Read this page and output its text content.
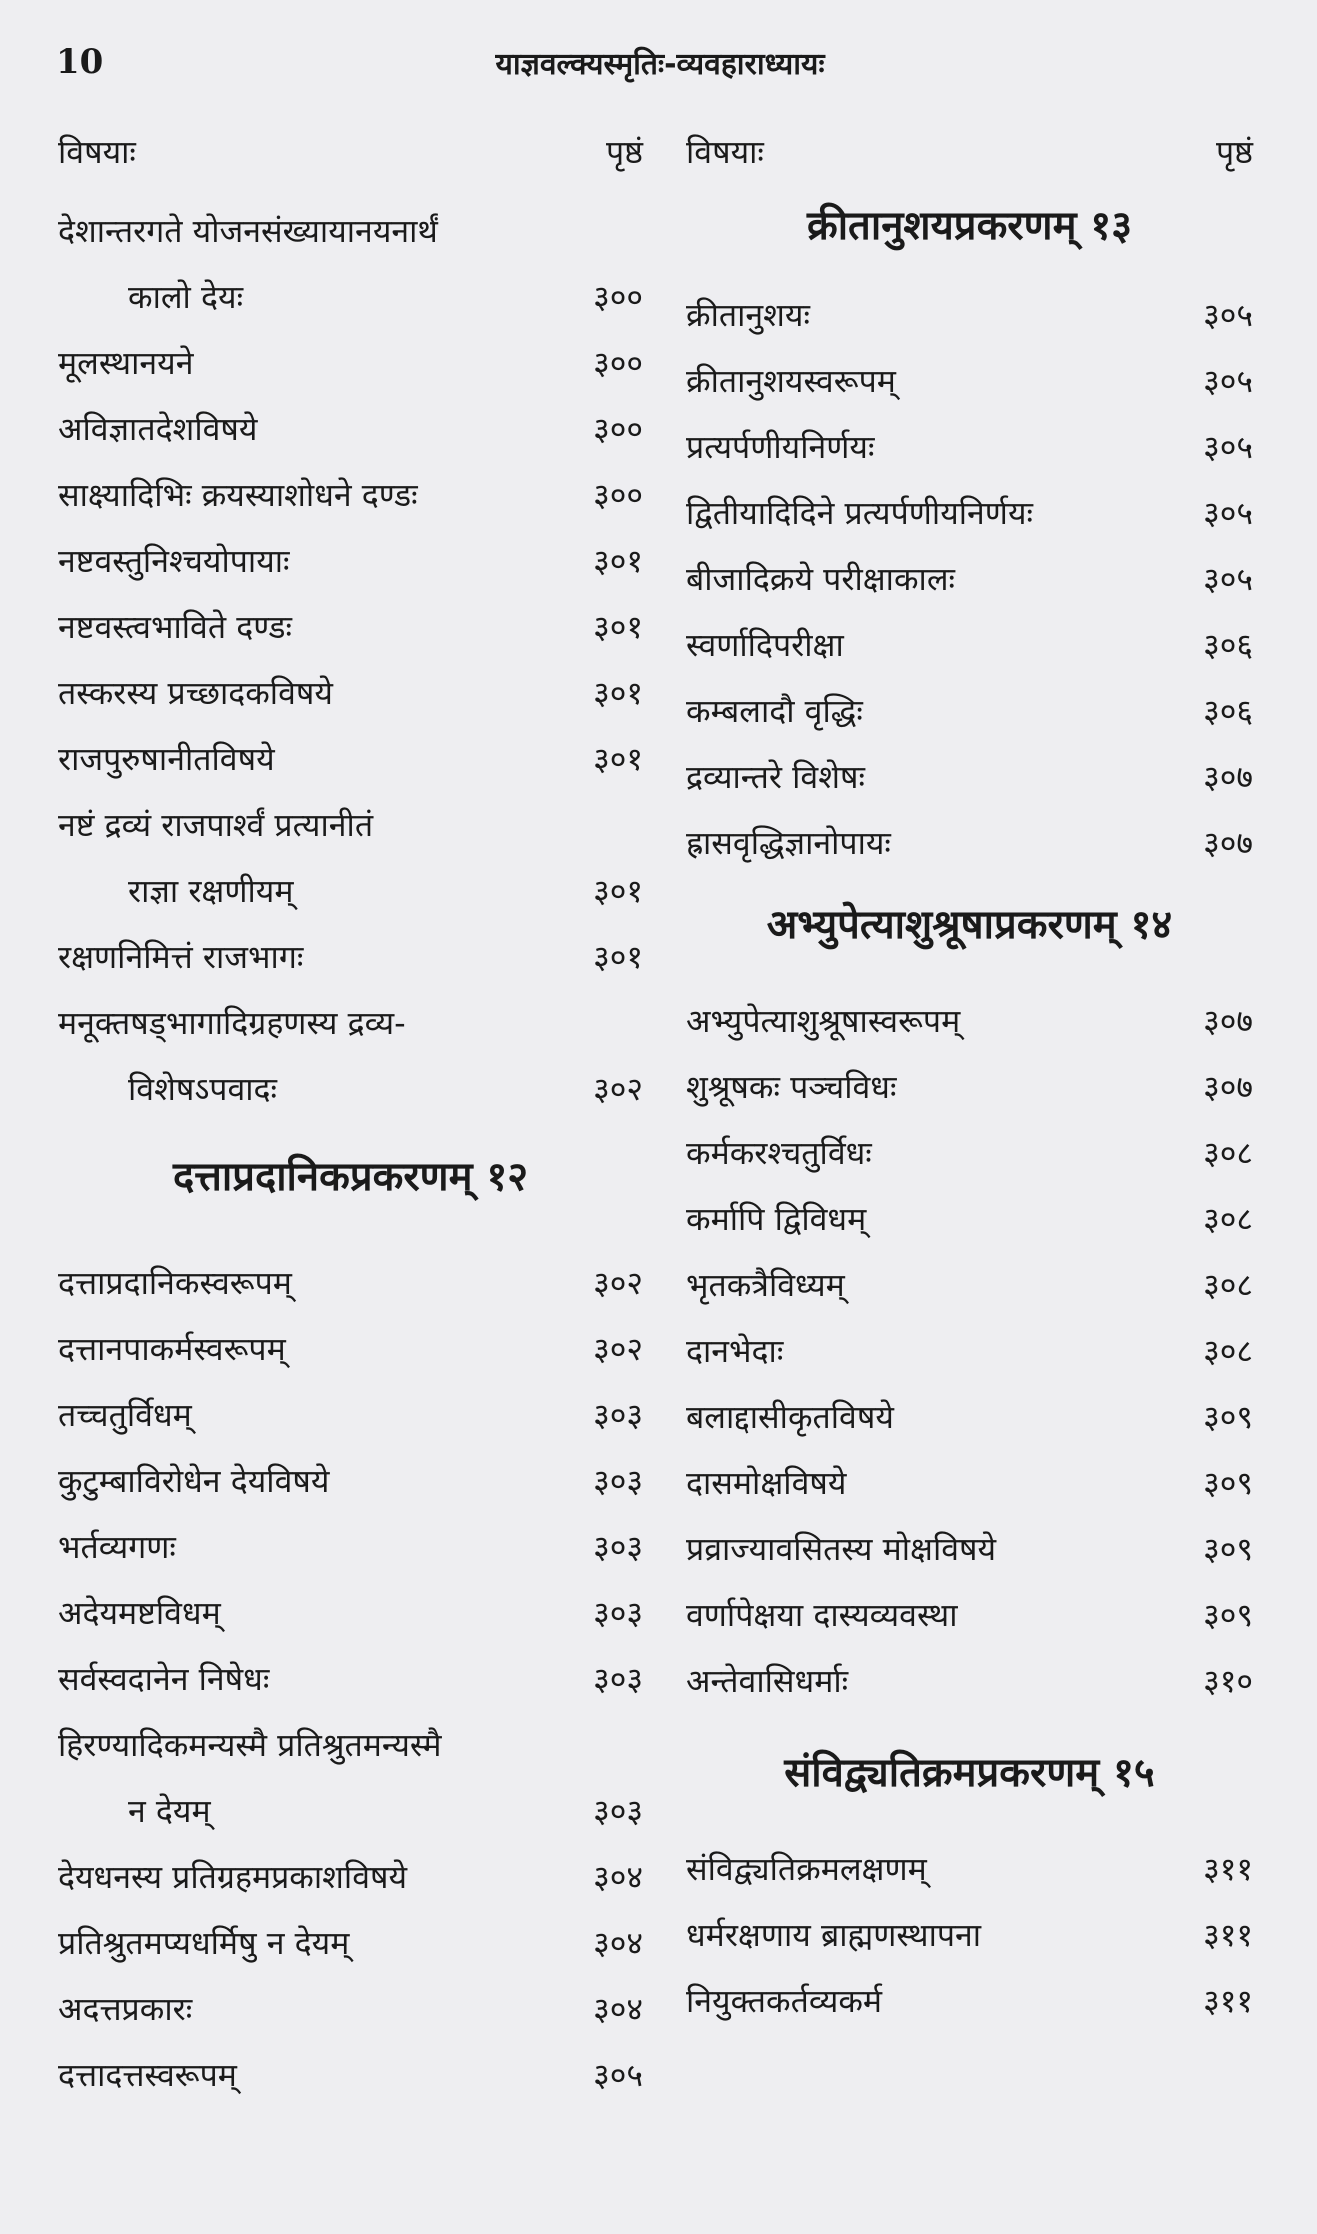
10	याज्ञवल्क्यस्मृतिः-व्यवहाराध्यायः
विषयाः	पृष्ठं
देशान्तरगते योजनसंख्यायानयनार्थं
कालो देयः	३००
मूलस्थानयने	३००
अविज्ञातदेशविषये	३००
साक्ष्यादिभिः क्रयस्याशोधने दण्डः	३००
नष्टवस्तुनिश्चयोपायाः	३०१
नष्टवस्त्वभाविते दण्डः	३०१
तस्करस्य प्रच्छादकविषये	३०१
राजपुरुषानीतविषये	३०१
नष्टं द्रव्यं राजपार्श्वं प्रत्यानीतं
राज्ञा रक्षणीयम्	३०१
रक्षणनिमित्तं राजभागः	३०१
मनूक्तषड्भागादिग्रहणस्य द्रव्य-
विशेषऽपवादः	३०२
दत्ताप्रदानिकप्रकरणम् १२
दत्ताप्रदानिकस्वरूपम्	३०२
दत्तानपाकर्मस्वरूपम्	३०२
तच्चतुर्विधम्	३०३
कुटुम्बाविरोधेन देयविषये	३०३
भर्तव्यगणः	३०३
अदेयमष्टविधम्	३०३
सर्वस्वदानेन निषेधः	३०३
हिरण्यादिकमन्यस्मै प्रतिश्रुतमन्यस्मै
न देयम्	३०३
देयधनस्य प्रतिग्रहमप्रकाशविषये	३०४
प्रतिश्रुतमप्यधर्मिषु न देयम्	३०४
अदत्तप्रकारः	३०४
दत्तादत्तस्वरूपम्	३०५
विषयाः	पृष्ठं
क्रीतानुशयप्रकरणम् १३
क्रीतानुशयः	३०५
क्रीतानुशयस्वरूपम्	३०५
प्रत्यर्पणीयनिर्णयः	३०५
द्वितीयादिदिने प्रत्यर्पणीयनिर्णयः	३०५
बीजादिक्रये परीक्षाकालः	३०५
स्वर्णादिपरीक्षा	३०६
कम्बलादौ वृद्धिः	३०६
द्रव्यान्तरे विशेषः	३०७
ह्रासवृद्धिज्ञानोपायः	३०७
अभ्युपेत्याशुश्रूषाप्रकरणम् १४
अभ्युपेत्याशुश्रूषास्वरूपम्	३०७
शुश्रूषकः पञ्चविधः	३०७
कर्मकरश्चतुर्विधः	३०८
कर्मापि द्विविधम्	३०८
भृतकत्रैविध्यम्	३०८
दानभेदाः	३०८
बलाद्दासीकृतविषये	३०९
दासमोक्षविषये	३०९
प्रव्राज्यावसितस्य मोक्षविषये	३०९
वर्णापेक्षया दास्यव्यवस्था	३०९
अन्तेवासिधर्माः	३१०
संविद्व्यतिक्रमप्रकरणम् १५
संविद्व्यतिक्रमलक्षणम्	३११
धर्मरक्षणाय ब्राह्मणस्थापना	३११
नियुक्तकर्तव्यकर्म	३११
